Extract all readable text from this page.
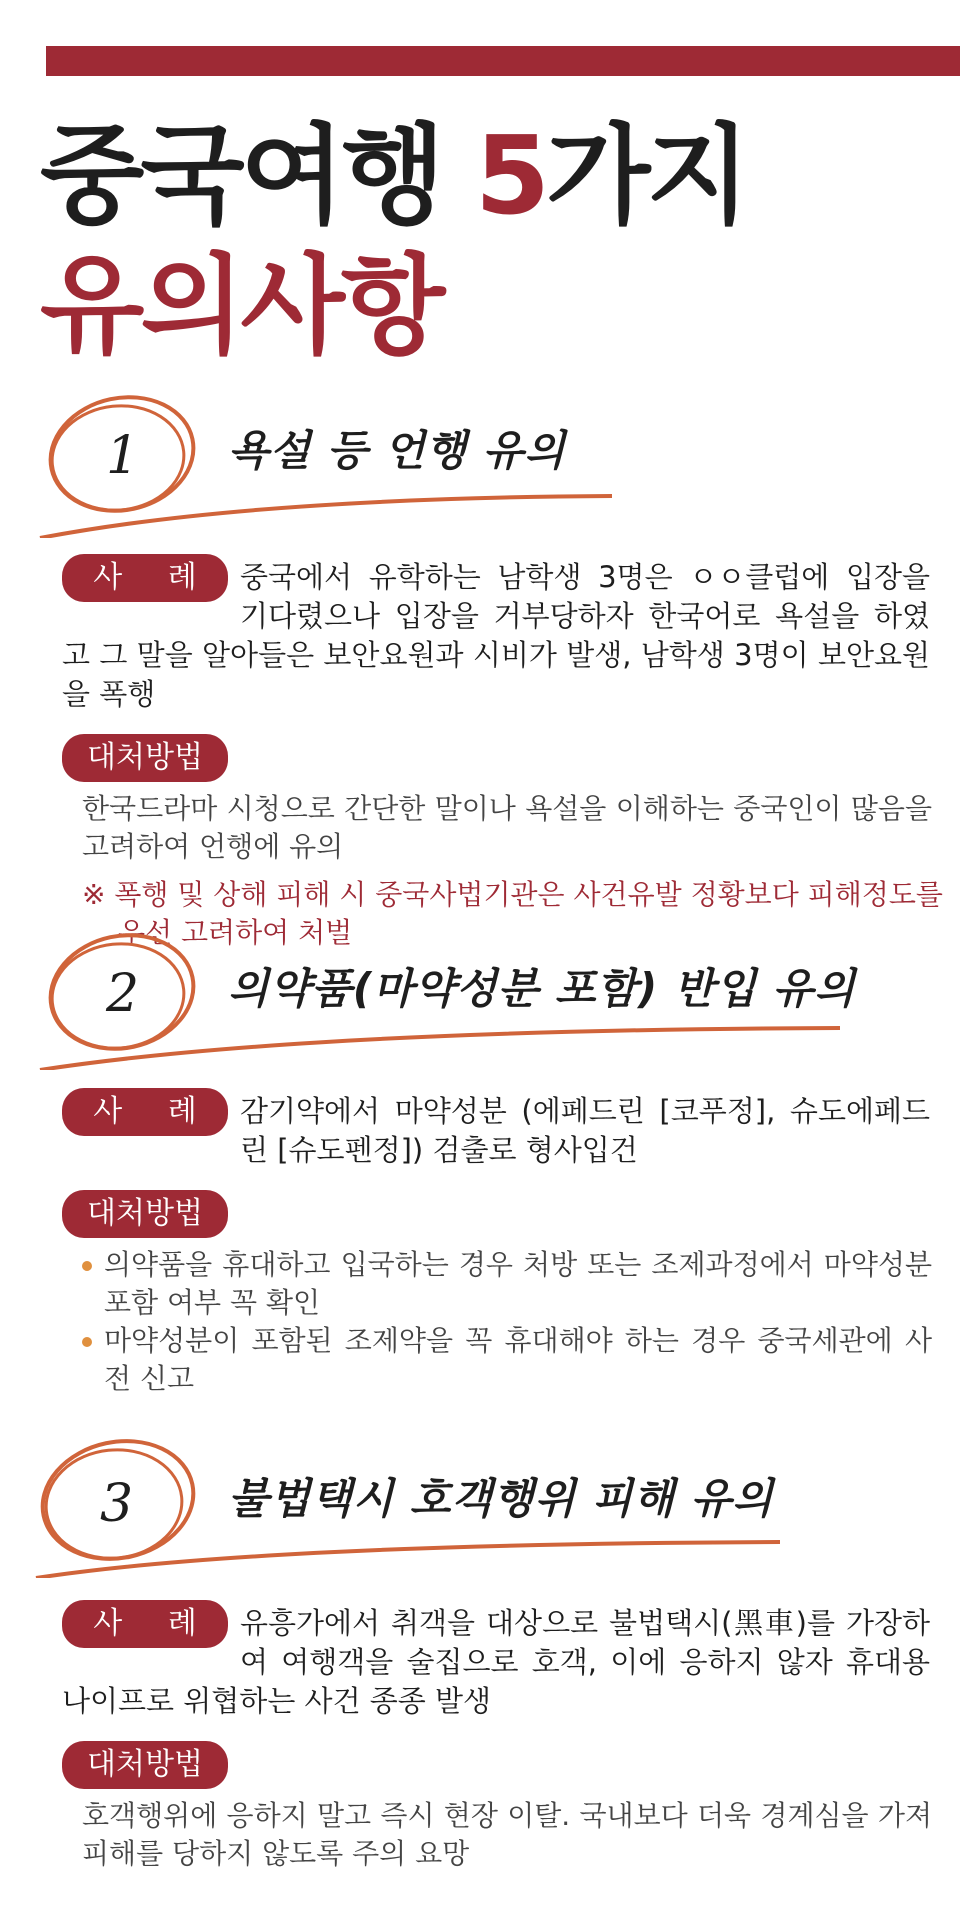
중국여행 5가지
유의사항
1 욕설 등 언행 유의
사 례 중국에서 유학하는 남학생 3명은 ㅇㅇ클럽에 입장을 기다렸으나 입장을 거부당하자 한국어로 욕설을 하였고 그 말을 알아들은 보안요원과 시비가 발생, 남학생 3명이 보안요원을 폭행
대처방법
한국드라마 시청으로 간단한 말이나 욕설을 이해하는 중국인이 많음을 고려하여 언행에 유의
※ 폭행 및 상해 피해 시 중국사법기관은 사건유발 정황보다 피해정도를 우선 고려하여 처벌
2 의약품(마약성분 포함) 반입 유의
사 례 감기약에서 마약성분 (에페드린 [코푸정], 슈도에페드린 [슈도펜정]) 검출로 형사입건
대처방법
의약품을 휴대하고 입국하는 경우 처방 또는 조제과정에서 마약성분 포함 여부 꼭 확인
마약성분이 포함된 조제약을 꼭 휴대해야 하는 경우 중국세관에 사전 신고
3 불법택시 호객행위 피해 유의
사 례 유흥가에서 취객을 대상으로 불법택시(黑車)를 가장하여 여행객을 술집으로 호객, 이에 응하지 않자 휴대용 나이프로 위협하는 사건 종종 발생
대처방법
호객행위에 응하지 말고 즉시 현장 이탈. 국내보다 더욱 경계심을 가져 피해를 당하지 않도록 주의 요망
